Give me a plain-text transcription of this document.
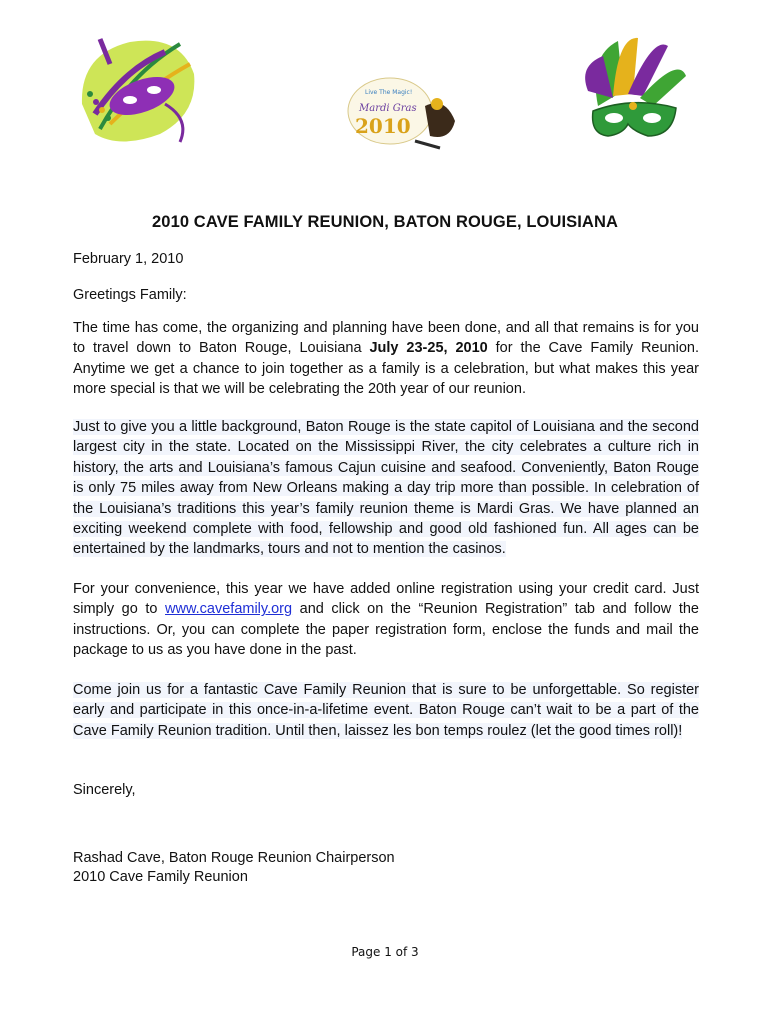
Live The Magic!
Mardi Gras
2010
2010 CAVE FAMILY REUNION, BATON ROUGE, LOUISIANA

February 1, 2010

Greetings Family:

The time has come, the organizing and planning have been done, and all that remains is for you to travel down to Baton Rouge, Louisiana July 23-25, 2010 for the Cave Family Reunion. Anytime we get a chance to join together as a family is a celebration, but what makes this year more special is that we will be celebrating the 20th year of our reunion.

Just to give you a little background, Baton Rouge is the state capitol of Louisiana and the second largest city in the state. Located on the Mississippi River, the city celebrates a culture rich in history, the arts and Louisiana’s famous Cajun cuisine and seafood. Conveniently, Baton Rouge is only 75 miles away from New Orleans making a day trip more than possible. In celebration of the Louisiana’s traditions this year’s family reunion theme is Mardi Gras. We have planned an exciting weekend complete with food, fellowship and good old fashioned fun. All ages can be entertained by the landmarks, tours and not to mention the casinos.

For your convenience, this year we have added online registration using your credit card. Just simply go to www.cavefamily.org and click on the “Reunion Registration” tab and follow the instructions. Or, you can complete the paper registration form, enclose the funds and mail the package to us as you have done in the past.

Come join us for a fantastic Cave Family Reunion that is sure to be unforgettable. So register early and participate in this once-in-a-lifetime event. Baton Rouge can’t wait to be a part of the Cave Family Reunion tradition. Until then, laissez les bon temps roulez (let the good times roll)!

Sincerely,

Rashad Cave, Baton Rouge Reunion Chairperson

2010 Cave Family Reunion

Page 1 of 3
